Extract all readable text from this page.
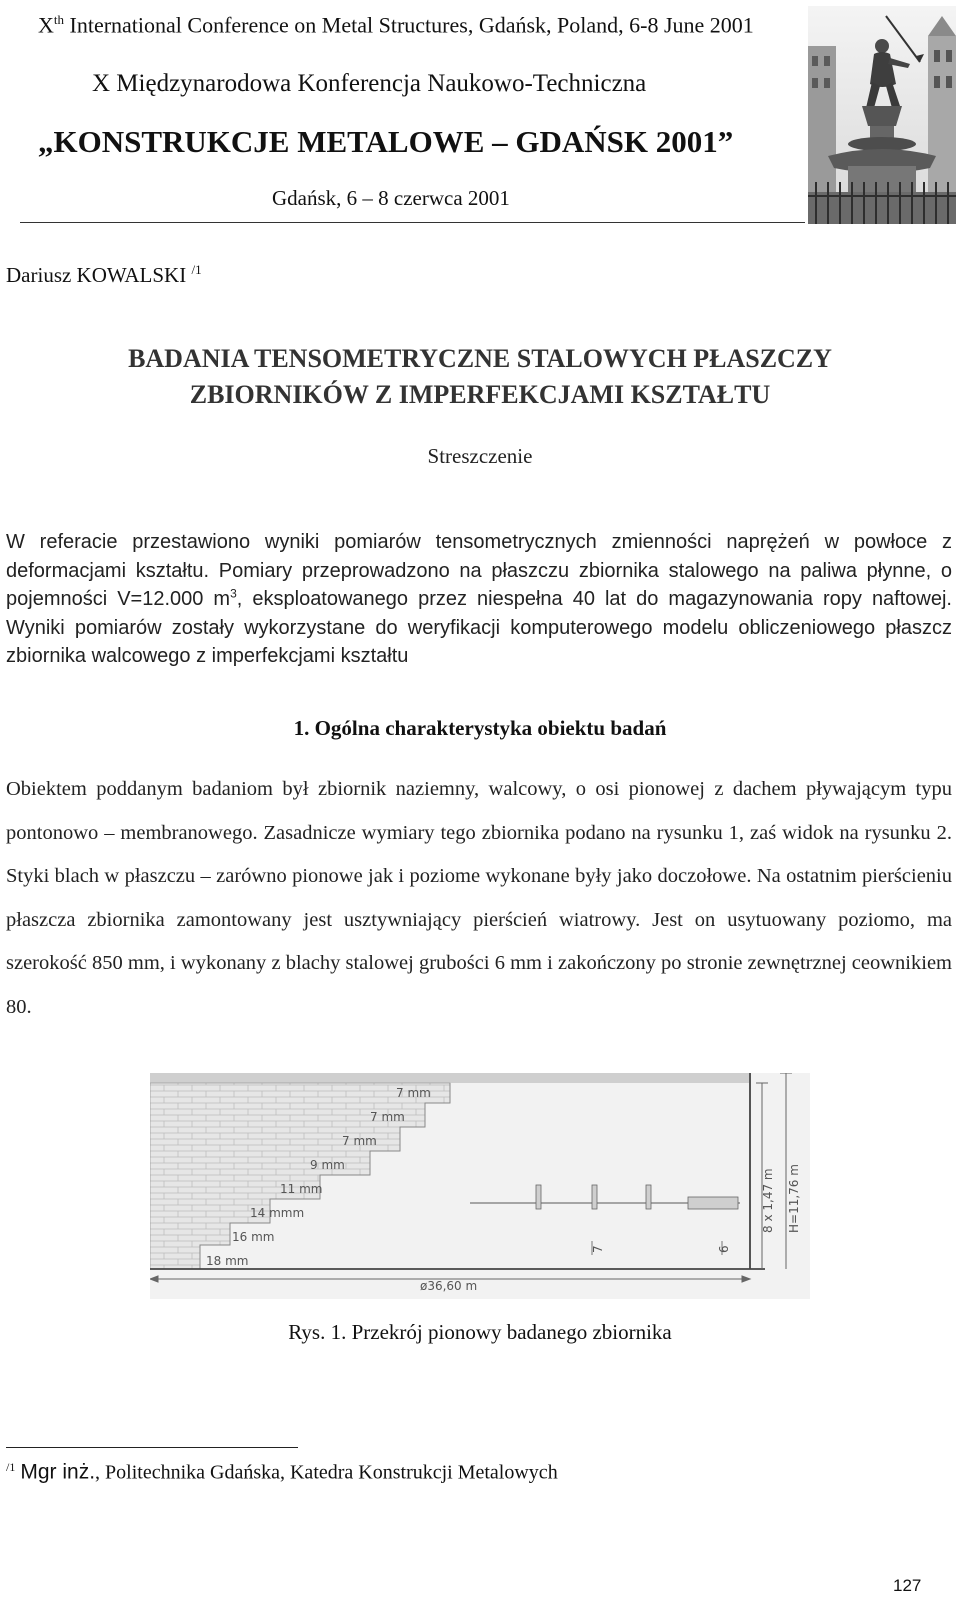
Xth International Conference on Metal Structures, Gdańsk, Poland, 6-8 June 2001
X Międzynarodowa Konferencja Naukowo-Techniczna
„KONSTRUKCJE METALOWE – GDAŃSK 2001”
Gdańsk, 6 – 8 czerwca 2001
Dariusz KOWALSKI $^{/1}$
BADANIA TENSOMETRYCZNE STALOWYCH PŁASZCZY
ZBIORNIKÓW Z IMPERFEKCJAMI KSZTAŁTU
Streszczenie
W referacie przestawiono wyniki pomiarów tensometrycznych zmienności naprężeń w powłoce z deformacjami kształtu. Pomiary przeprowadzono na płaszczu zbiornika stalowego na paliwa płynne, o pojemności V=12.000 $m^3$, eksploatowanego przez niespełna 40 lat do magazynowania ropy naftowej. Wyniki pomiarów zostały wykorzystane do weryfikacji komputerowego modelu obliczeniowego płaszcz zbiornika walcowego z imperfekcjami kształtu
1. Ogólna charakterystyka obiektu badań
Obiektem poddanym badaniom był zbiornik naziemny, walcowy, o osi pionowej z dachem pływającym typu pontonowo – membranowego. Zasadnicze wymiary tego zbiornika podano na rysunku 1, zaś widok na rysunku 2. Styki blach w płaszczu – zarówno pionowe jak i poziome wykonane były jako doczołowe. Na ostatnim pierścieniu płaszcza zbiornika zamontowany jest usztywniający pierścień wiatrowy. Jest on usytuowany poziomo, ma szerokość 850 mm, i wykonany z blachy stalowej grubości 6 mm i zakończony po stronie zewnętrznej ceownikiem 80.
7 mm
7 mm
7 mm
9 mm
11 mm
14 mmm
16 mm
18 mm
ø36,60 m
7	6
8 x 1,47 m H=11,76 m
Rys. 1. Przekrój pionowy badanego zbiornika
$^{/1}$ Mgr inż., Politechnika Gdańska, Katedra Konstrukcji Metalowych
127
